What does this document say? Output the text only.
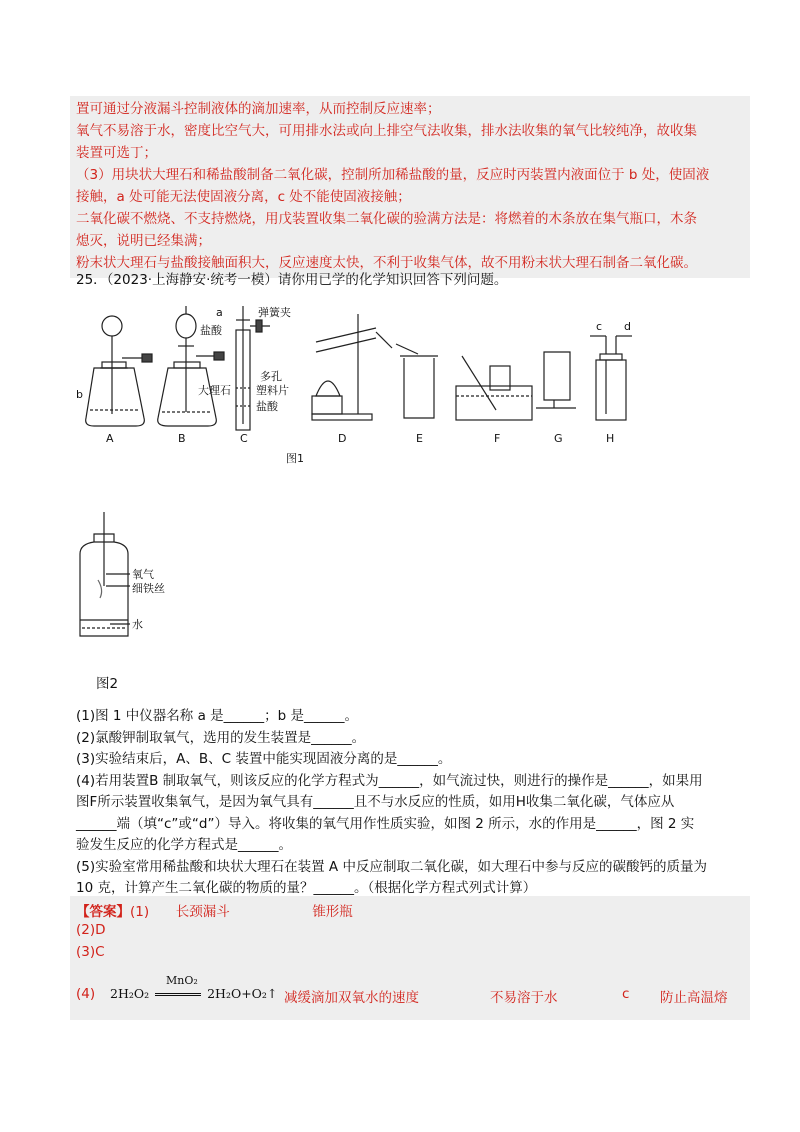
置可通过分液漏斗控制液体的滴加速率，从而控制反应速率；

氧气不易溶于水，密度比空气大，可用排水法或向上排空气法收集，排水法收集的氧气比较纯净，故收集

装置可选丁；

（3）用块状大理石和稀盐酸制备二氧化碳，控制所加稀盐酸的量，反应时丙装置内液面位于 b 处，使固液

接触，a 处可能无法使固液分离，c 处不能使固液接触；

二氧化碳不燃烧、不支持燃烧，用戊装置收集二氧化碳的验满方法是：将燃着的木条放在集气瓶口，木条

熄灭，说明已经集满；

粉末状大理石与盐酸接触面积大，反应速度太快，不利于收集气体，故不用粉末状大理石制备二氧化碳。

25．（2023·上海静安·统考一模）请你用已学的化学知识回答下列问题。
b
a
盐酸
弹簧夹
大理石
多孔
塑料片
盐酸
c d
A	B	C	D	E	F	G	H
图1
氧气
细铁丝
水
图2

(1)图 1 中仪器名称 a 是______；b 是______。

(2)氯酸钾制取氧气，选用的发生装置是______。

(3)实验结束后，A、B、C 装置中能实现固液分离的是______。

(4)若用装置B 制取氧气，则该反应的化学方程式为______，如气流过快，则进行的操作是______，如果用

图F所示装置收集氧气，是因为氧气具有______且不与水反应的性质，如用H收集二氧化碳，气体应从

______端（填“c”或“d”）导入。将收集的氧气用作性质实验，如图 2 所示，水的作用是______，图 2 实

验发生反应的化学方程式是______。

(5)实验室常用稀盐酸和块状大理石在装置 A 中反应制取二氧化碳，如大理石中参与反应的碳酸钙的质量为

10 克，计算产生二氧化碳的物质的量？______。（根据化学方程式列式计算）

【答案】(1) 长颈漏斗	锥形瓶
(2)D
(3)C
(4)
MnO₂
2H₂O₂	2H₂O+O₂↑ 减缓滴加双氧水的速度	不易溶于水	c 防止高温熔
